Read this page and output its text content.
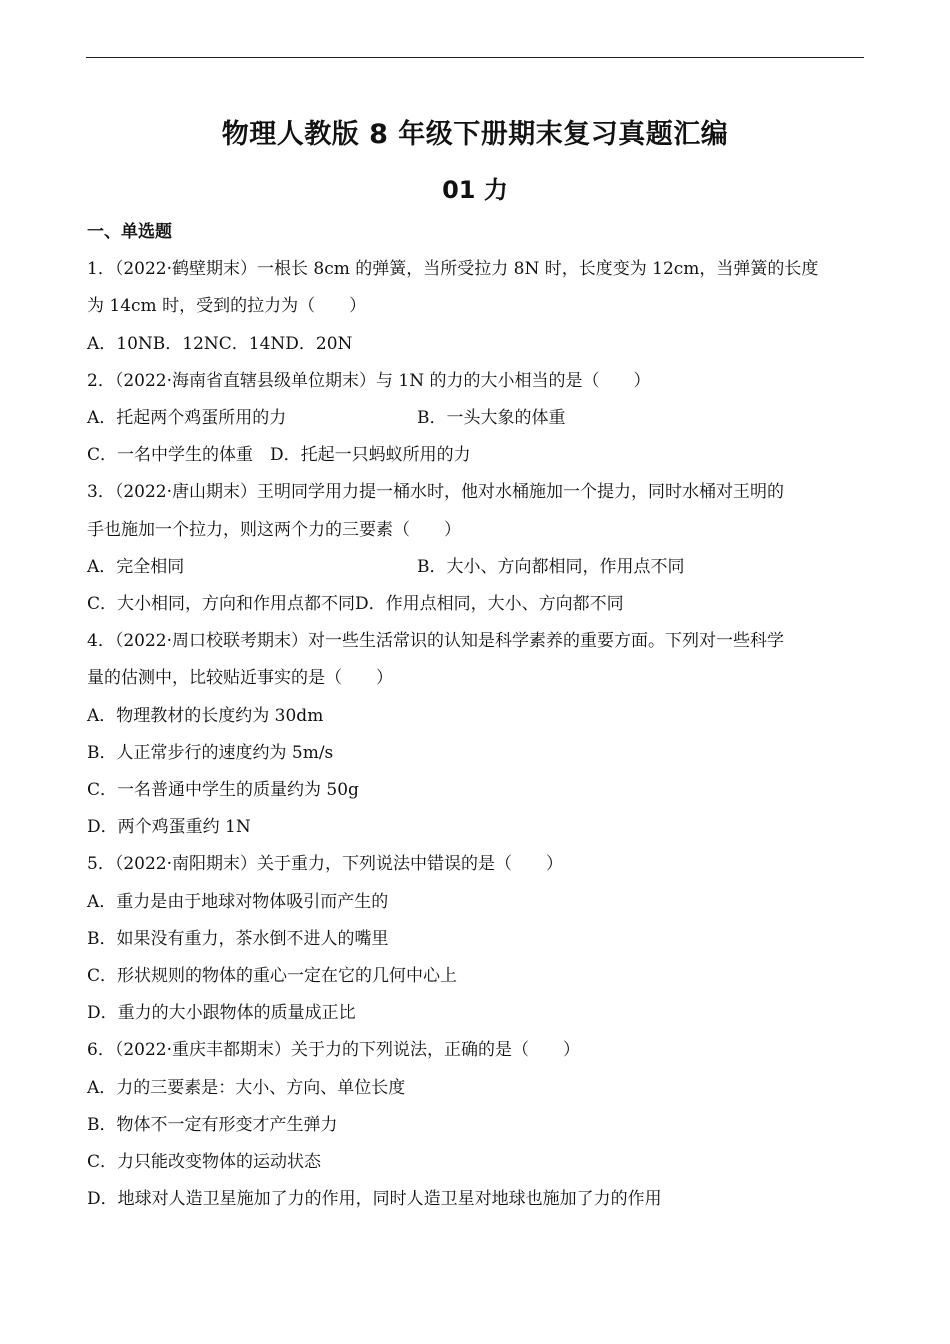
物理人教版 8 年级下册期末复习真题汇编
01 力
一、单选题
1．（2022·鹤壁期末）一根长 8cm 的弹簧，当所受拉力 8N 时，长度变为 12cm，当弹簧的长度
为 14cm 时，受到的拉力为（　　）
A．10NB．12NC．14ND．20N
2．（2022·海南省直辖县级单位期末）与 1N 的力的大小相当的是（　　）
A．托起两个鸡蛋所用的力	B．一头大象的体重
C．一名中学生的体重　D．托起一只蚂蚁所用的力
3．（2022·唐山期末）王明同学用力提一桶水时，他对水桶施加一个提力，同时水桶对王明的
手也施加一个拉力，则这两个力的三要素（　　）
A．完全相同	B．大小、方向都相同，作用点不同
C．大小相同，方向和作用点都不同D．作用点相同，大小、方向都不同
4．（2022·周口校联考期末）对一些生活常识的认知是科学素养的重要方面。下列对一些科学
量的估测中，比较贴近事实的是（　　）
A．物理教材的长度约为 30dm
B．人正常步行的速度约为 5m/s
C．一名普通中学生的质量约为 50g
D．两个鸡蛋重约 1N
5．（2022·南阳期末）关于重力，下列说法中错误的是（　　）
A．重力是由于地球对物体吸引而产生的
B．如果没有重力，茶水倒不进人的嘴里
C．形状规则的物体的重心一定在它的几何中心上
D．重力的大小跟物体的质量成正比
6．（2022·重庆丰都期末）关于力的下列说法，正确的是（　　）
A．力的三要素是：大小、方向、单位长度
B．物体不一定有形变才产生弹力
C．力只能改变物体的运动状态
D．地球对人造卫星施加了力的作用，同时人造卫星对地球也施加了力的作用
